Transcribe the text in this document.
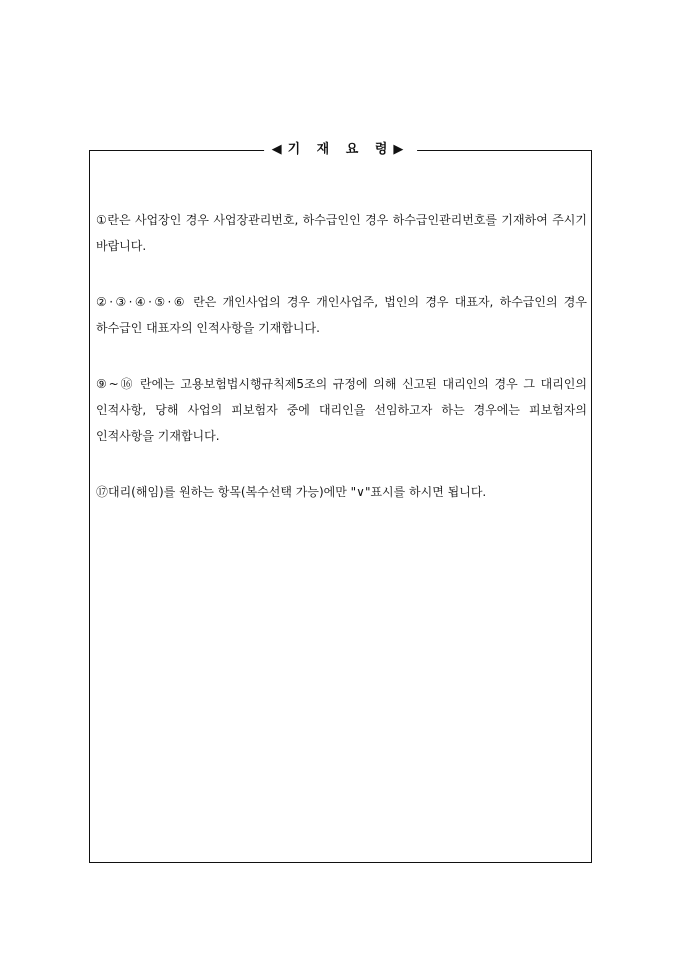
◀기 재 요 령▶

①란은 사업장인 경우 사업장관리번호, 하수급인인 경우 하수급인관리번호를 기재하여 주시기 바랍니다.

②·③·④·⑤·⑥ 란은 개인사업의 경우 개인사업주, 법인의 경우 대표자, 하수급인의 경우 하수급인 대표자의 인적사항을 기재합니다.

⑨~⑯ 란에는 고용보험법시행규칙제5조의 규정에 의해 신고된 대리인의 경우 그 대리인의 인적사항, 당해 사업의 피보험자 중에 대리인을 선임하고자 하는 경우에는 피보험자의 인적사항을 기재합니다.

⑰대리(해임)를 원하는 항목(복수선택 가능)에만 "∨"표시를 하시면 됩니다.
